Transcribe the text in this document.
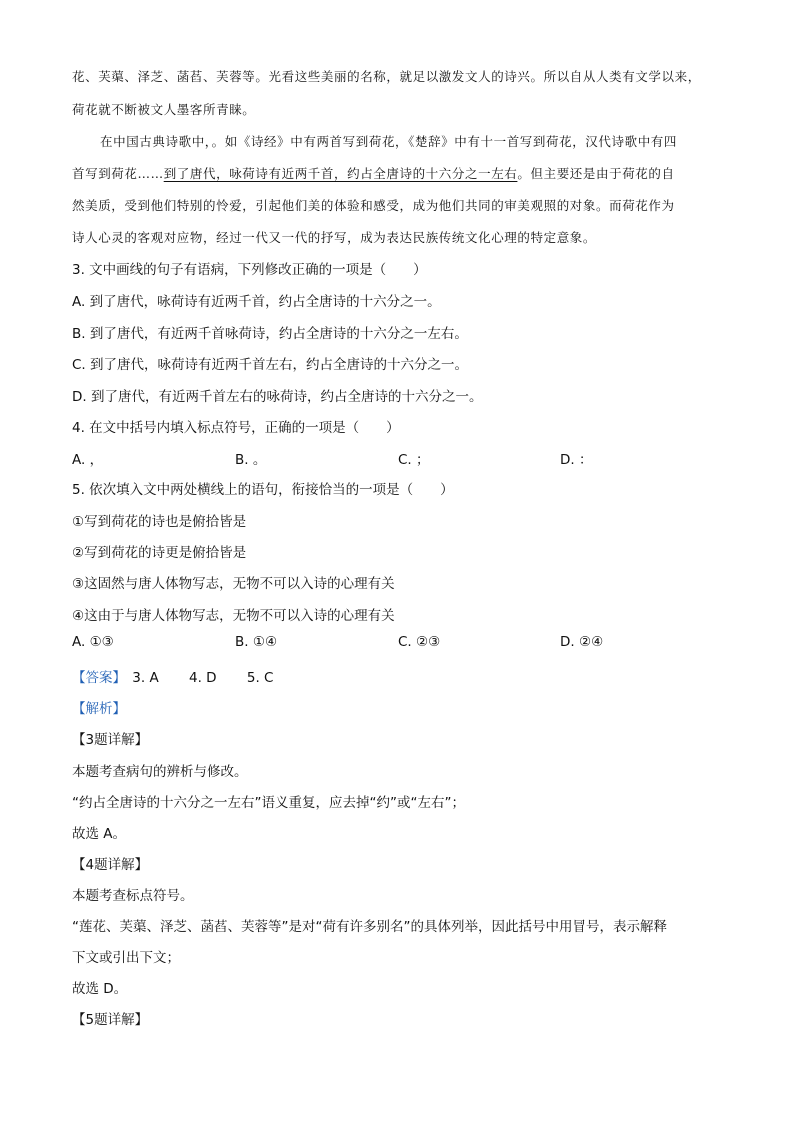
花、芙蕖、泽芝、菡萏、芙蓉等。光看这些美丽的名称，就足以激发文人的诗兴。所以自从人类有文学以来，
荷花就不断被文人墨客所青睐。
在中国古典诗歌中，。如《诗经》中有两首写到荷花，《楚辞》中有十一首写到荷花，汉代诗歌中有四
首写到荷花……到了唐代，咏荷诗有近两千首，约占全唐诗的十六分之一左右。但主要还是由于荷花的自
然美质，受到他们特别的怜爱，引起他们美的体验和感受，成为他们共同的审美观照的对象。而荷花作为
诗人心灵的客观对应物，经过一代又一代的抒写，成为表达民族传统文化心理的特定意象。
3. 文中画线的句子有语病，下列修改正确的一项是（　　）
A. 到了唐代，咏荷诗有近两千首，约占全唐诗的十六分之一。
B. 到了唐代，有近两千首咏荷诗，约占全唐诗的十六分之一左右。
C. 到了唐代，咏荷诗有近两千首左右，约占全唐诗的十六分之一。
D. 到了唐代，有近两千首左右的咏荷诗，约占全唐诗的十六分之一。
4. 在文中括号内填入标点符号，正确的一项是（　　）
A. ，	B. 。	C. ；	D. ：
5. 依次填入文中两处横线上的语句，衔接恰当的一项是（　　）
①写到荷花的诗也是俯拾皆是
②写到荷花的诗更是俯拾皆是
③这固然与唐人体物写志，无物不可以入诗的心理有关
④这由于与唐人体物写志，无物不可以入诗的心理有关
A. ①③	B. ①④	C. ②③	D. ②④
【答案】 3. A 4. D 5. C
【解析】
【3题详解】
本题考查病句的辨析与修改。
“约占全唐诗的十六分之一左右”语义重复，应去掉“约”或“左右”；
故选 A。
【4题详解】
本题考查标点符号。
“莲花、芙蕖、泽芝、菡萏、芙蓉等”是对“荷有许多别名”的具体列举，因此括号中用冒号，表示解释
下文或引出下文；
故选 D。
【5题详解】
